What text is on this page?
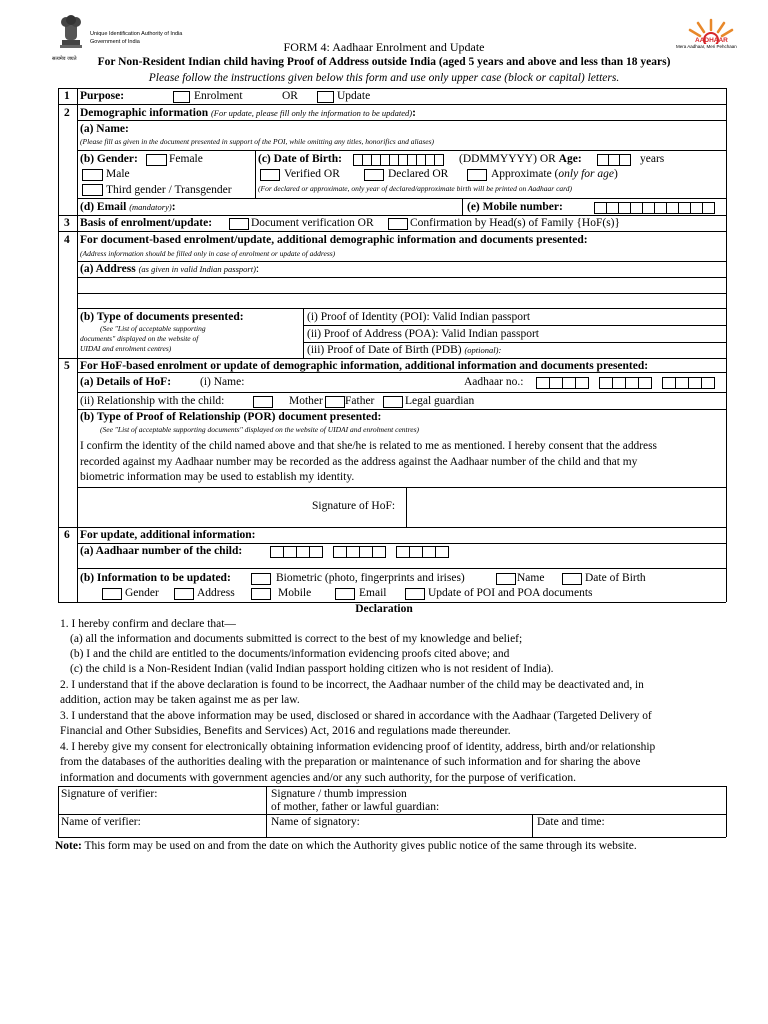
सत्यमेव जयते
Unique Identification Authority of India
Government of India	AADHAAR
Mera Aadhaar, Meri Pehchaan
FORM 4: Aadhaar Enrolment and Update
For Non-Resident Indian child having Proof of Address outside India (aged 5 years and above and less than 18 years)
Please follow the instructions given below this form and use only upper case (block or capital) letters.
1 Purpose:	Enrolment	OR	Update
2 Demographic information (For update, please fill only the information to be updated):
(a) Name:
(Please fill as given in the document presented in support of the POI, while omitting any titles, honorifics and aliases)
(b) Gender:	Female
Male
Third gender / Transgender
(c) Date of Birth:	(DDMMYYYY) OR Age:	years
Verified OR	Declared OR	Approximate (only for age)
(For declared or approximate, only year of declared/approximate birth will be printed on Aadhaar card)
(d) Email (mandatory):	(e) Mobile number:
3 Basis of enrolment/update:	Document verification OR	Confirmation by Head(s) of Family {HoF(s)}
4 For document-based enrolment/update, additional demographic information and documents presented:
(Address information should be filled only in case of enrolment or update of address)
(a) Address (as given in valid Indian passport):
(b) Type of documents presented:
(See "List of acceptable supporting
documents" displayed on the website of
UIDAI and enrolment centres)
(i) Proof of Identity (POI): Valid Indian passport
(ii) Proof of Address (POA): Valid Indian passport
(iii) Proof of Date of Birth (PDB) (optional):
5 For HoF-based enrolment or update of demographic information, additional information and documents presented:
(a) Details of HoF:	(i) Name:	Aadhaar no.:
(ii) Relationship with the child:	Mother Father	Legal guardian
(b) Type of Proof of Relationship (POR) document presented:
(See "List of acceptable supporting documents" displayed on the website of UIDAI and enrolment centres)
I confirm the identity of the child named above and that she/he is related to me as mentioned. I hereby consent that the address
recorded against my Aadhaar number may be recorded as the address against the Aadhaar number of the child and that my
biometric information may be used to establish my identity.
Signature of HoF:
6 For update, additional information:
(a) Aadhaar number of the child:
(b) Information to be updated:	Biometric (photo, fingerprints and irises)	Name	Date of Birth
Gender	Address	Mobile	Email	Update of POI and POA documents
Declaration
1. I hereby confirm and declare that—
(a) all the information and documents submitted is correct to the best of my knowledge and belief;
(b) I and the child are entitled to the documents/information evidencing proofs cited above; and
(c) the child is a Non-Resident Indian (valid Indian passport holding citizen who is not resident of India).
2. I understand that if the above declaration is found to be incorrect, the Aadhaar number of the child may be deactivated and, in
addition, action may be taken against me as per law.
3. I understand that the above information may be used, disclosed or shared in accordance with the Aadhaar (Targeted Delivery of
Financial and Other Subsidies, Benefits and Services) Act, 2016 and regulations made thereunder.
4. I hereby give my consent for electronically obtaining information evidencing proof of identity, address, birth and/or relationship
from the databases of the authorities dealing with the preparation or maintenance of such information and for sharing the above
information and documents with government agencies and/or any such authority, for the purpose of verification.
Signature of verifier:	Signature / thumb impression
of mother, father or lawful guardian:
Name of verifier:	Name of signatory:	Date and time:
Note: This form may be used on and from the date on which the Authority gives public notice of the same through its website.
